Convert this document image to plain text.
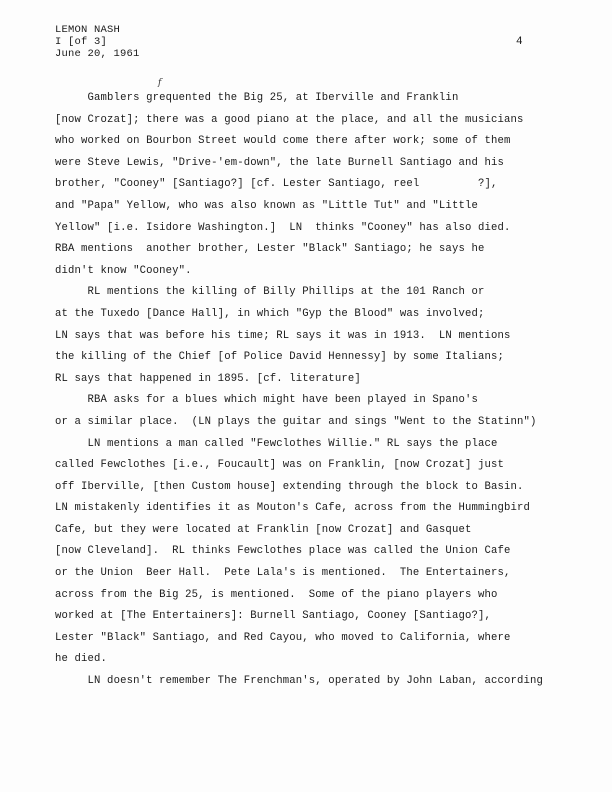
LEMON NASH
I [of 3]
June 20, 1961
4
f
Gamblers grequented the Big 25, at Iberville and Franklin
[now Crozat]; there was a good piano at the place, and all the musicians
who worked on Bourbon Street would come there after work; some of them
were Steve Lewis, "Drive-'em-down", the late Burnell Santiago and his
brother, "Cooney" [Santiago?] [cf. Lester Santiago, reel         ?],
and "Papa" Yellow, who was also known as "Little Tut" and "Little
Yellow" [i.e. Isidore Washington.]  LN  thinks "Cooney" has also died.
RBA mentions  another brother, Lester "Black" Santiago; he says he
didn't know "Cooney".
RL mentions the killing of Billy Phillips at the 101 Ranch or
at the Tuxedo [Dance Hall], in which "Gyp the Blood" was involved;
LN says that was before his time; RL says it was in 1913.  LN mentions
the killing of the Chief [of Police David Hennessy] by some Italians;
RL says that happened in 1895. [cf. literature]
RBA asks for a blues which might have been played in Spano's
or a similar place.  (LN plays the guitar and sings "Went to the Statinn")
LN mentions a man called "Fewclothes Willie." RL says the place
called Fewclothes [i.e., Foucault] was on Franklin, [now Crozat] just
off Iberville, [then Custom house] extending through the block to Basin.
LN mistakenly identifies it as Mouton's Cafe, across from the Hummingbird
Cafe, but they were located at Franklin [now Crozat] and Gasquet
[now Cleveland].  RL thinks Fewclothes place was called the Union Cafe
or the Union  Beer Hall.  Pete Lala's is mentioned.  The Entertainers,
across from the Big 25, is mentioned.  Some of the piano players who
worked at [The Entertainers]: Burnell Santiago, Cooney [Santiago?],
Lester "Black" Santiago, and Red Cayou, who moved to California, where
he died.
LN doesn't remember The Frenchman's, operated by John Laban, according
